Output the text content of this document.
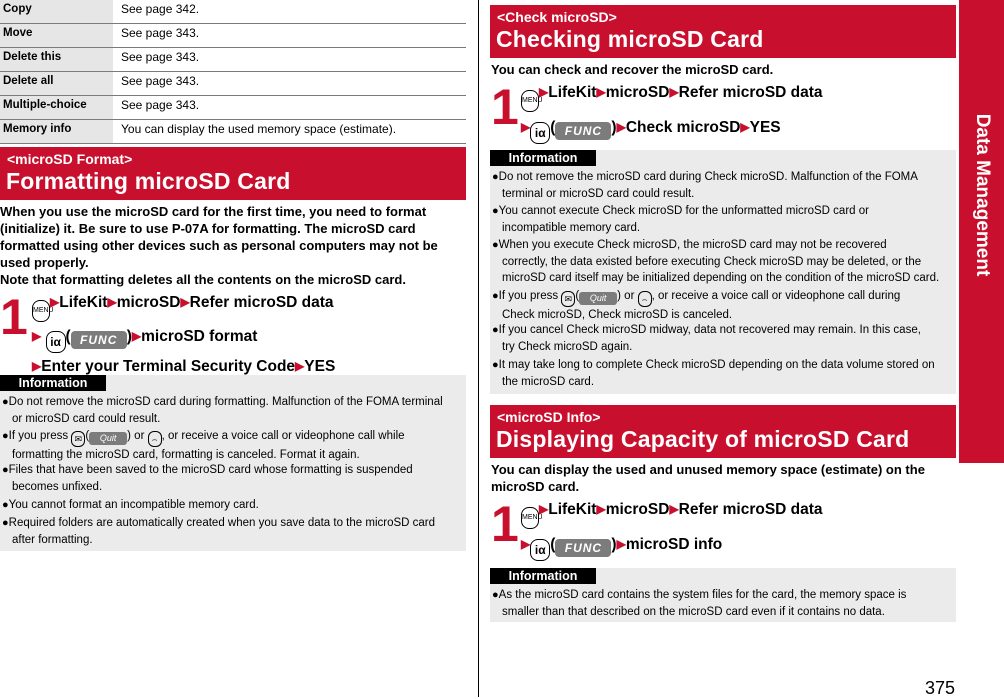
Copy	See page 342.
Move	See page 343.
Delete this	See page 343.
Delete all	See page 343.
Multiple-choice	See page 343.
Memory info	You can display the used memory space (estimate).
<microSD Format>
Formatting microSD Card
When you use the microSD card for the first time, you need to format
(initialize) it. Be sure to use P-07A for formatting. The microSD card
formatted using other devices such as personal computers may not be
used properly.
Note that formatting deletes all the contents on the microSD card.
1 MENU▶LifeKit▶microSD▶Refer microSD data
▶ iα ( FUNC )▶microSD format
▶Enter your Terminal Security Code▶YES
Information
●Do not remove the microSD card during formatting. Malfunction of the FOMA terminal
or microSD card could result.
●If you press ✉ ( Quit ) or ⌢ , or receive a voice call or videophone call while
formatting the microSD card, formatting is canceled. Format it again.
●Files that have been saved to the microSD card whose formatting is suspended
becomes unfixed.
●You cannot format an incompatible memory card.
●Required folders are automatically created when you save data to the microSD card
after formatting.
<Check microSD>
Checking microSD Card
You can check and recover the microSD card.
1 MENU▶LifeKit▶microSD▶Refer microSD data
▶ iα ( FUNC )▶Check microSD▶YES
Information
●Do not remove the microSD card during Check microSD. Malfunction of the FOMA
terminal or microSD card could result.
●You cannot execute Check microSD for the unformatted microSD card or
incompatible memory card.
●When you execute Check microSD, the microSD card may not be recovered
correctly, the data existed before executing Check microSD may be deleted, or the
microSD card itself may be initialized depending on the condition of the microSD card.
●If you press ✉ ( Quit ) or ⌢ , or receive a voice call or videophone call during
Check microSD, Check microSD is canceled.
●If you cancel Check microSD midway, data not recovered may remain. In this case,
try Check microSD again.
●It may take long to complete Check microSD depending on the data volume stored on
the microSD card.
<microSD Info>
Displaying Capacity of microSD Card
You can display the used and unused memory space (estimate) on the
microSD card.
1 MENU▶LifeKit▶microSD▶Refer microSD data
▶ iα ( FUNC )▶microSD info
Information
●As the microSD card contains the system files for the card, the memory space is
smaller than that described on the microSD card even if it contains no data.
Data Management
375
